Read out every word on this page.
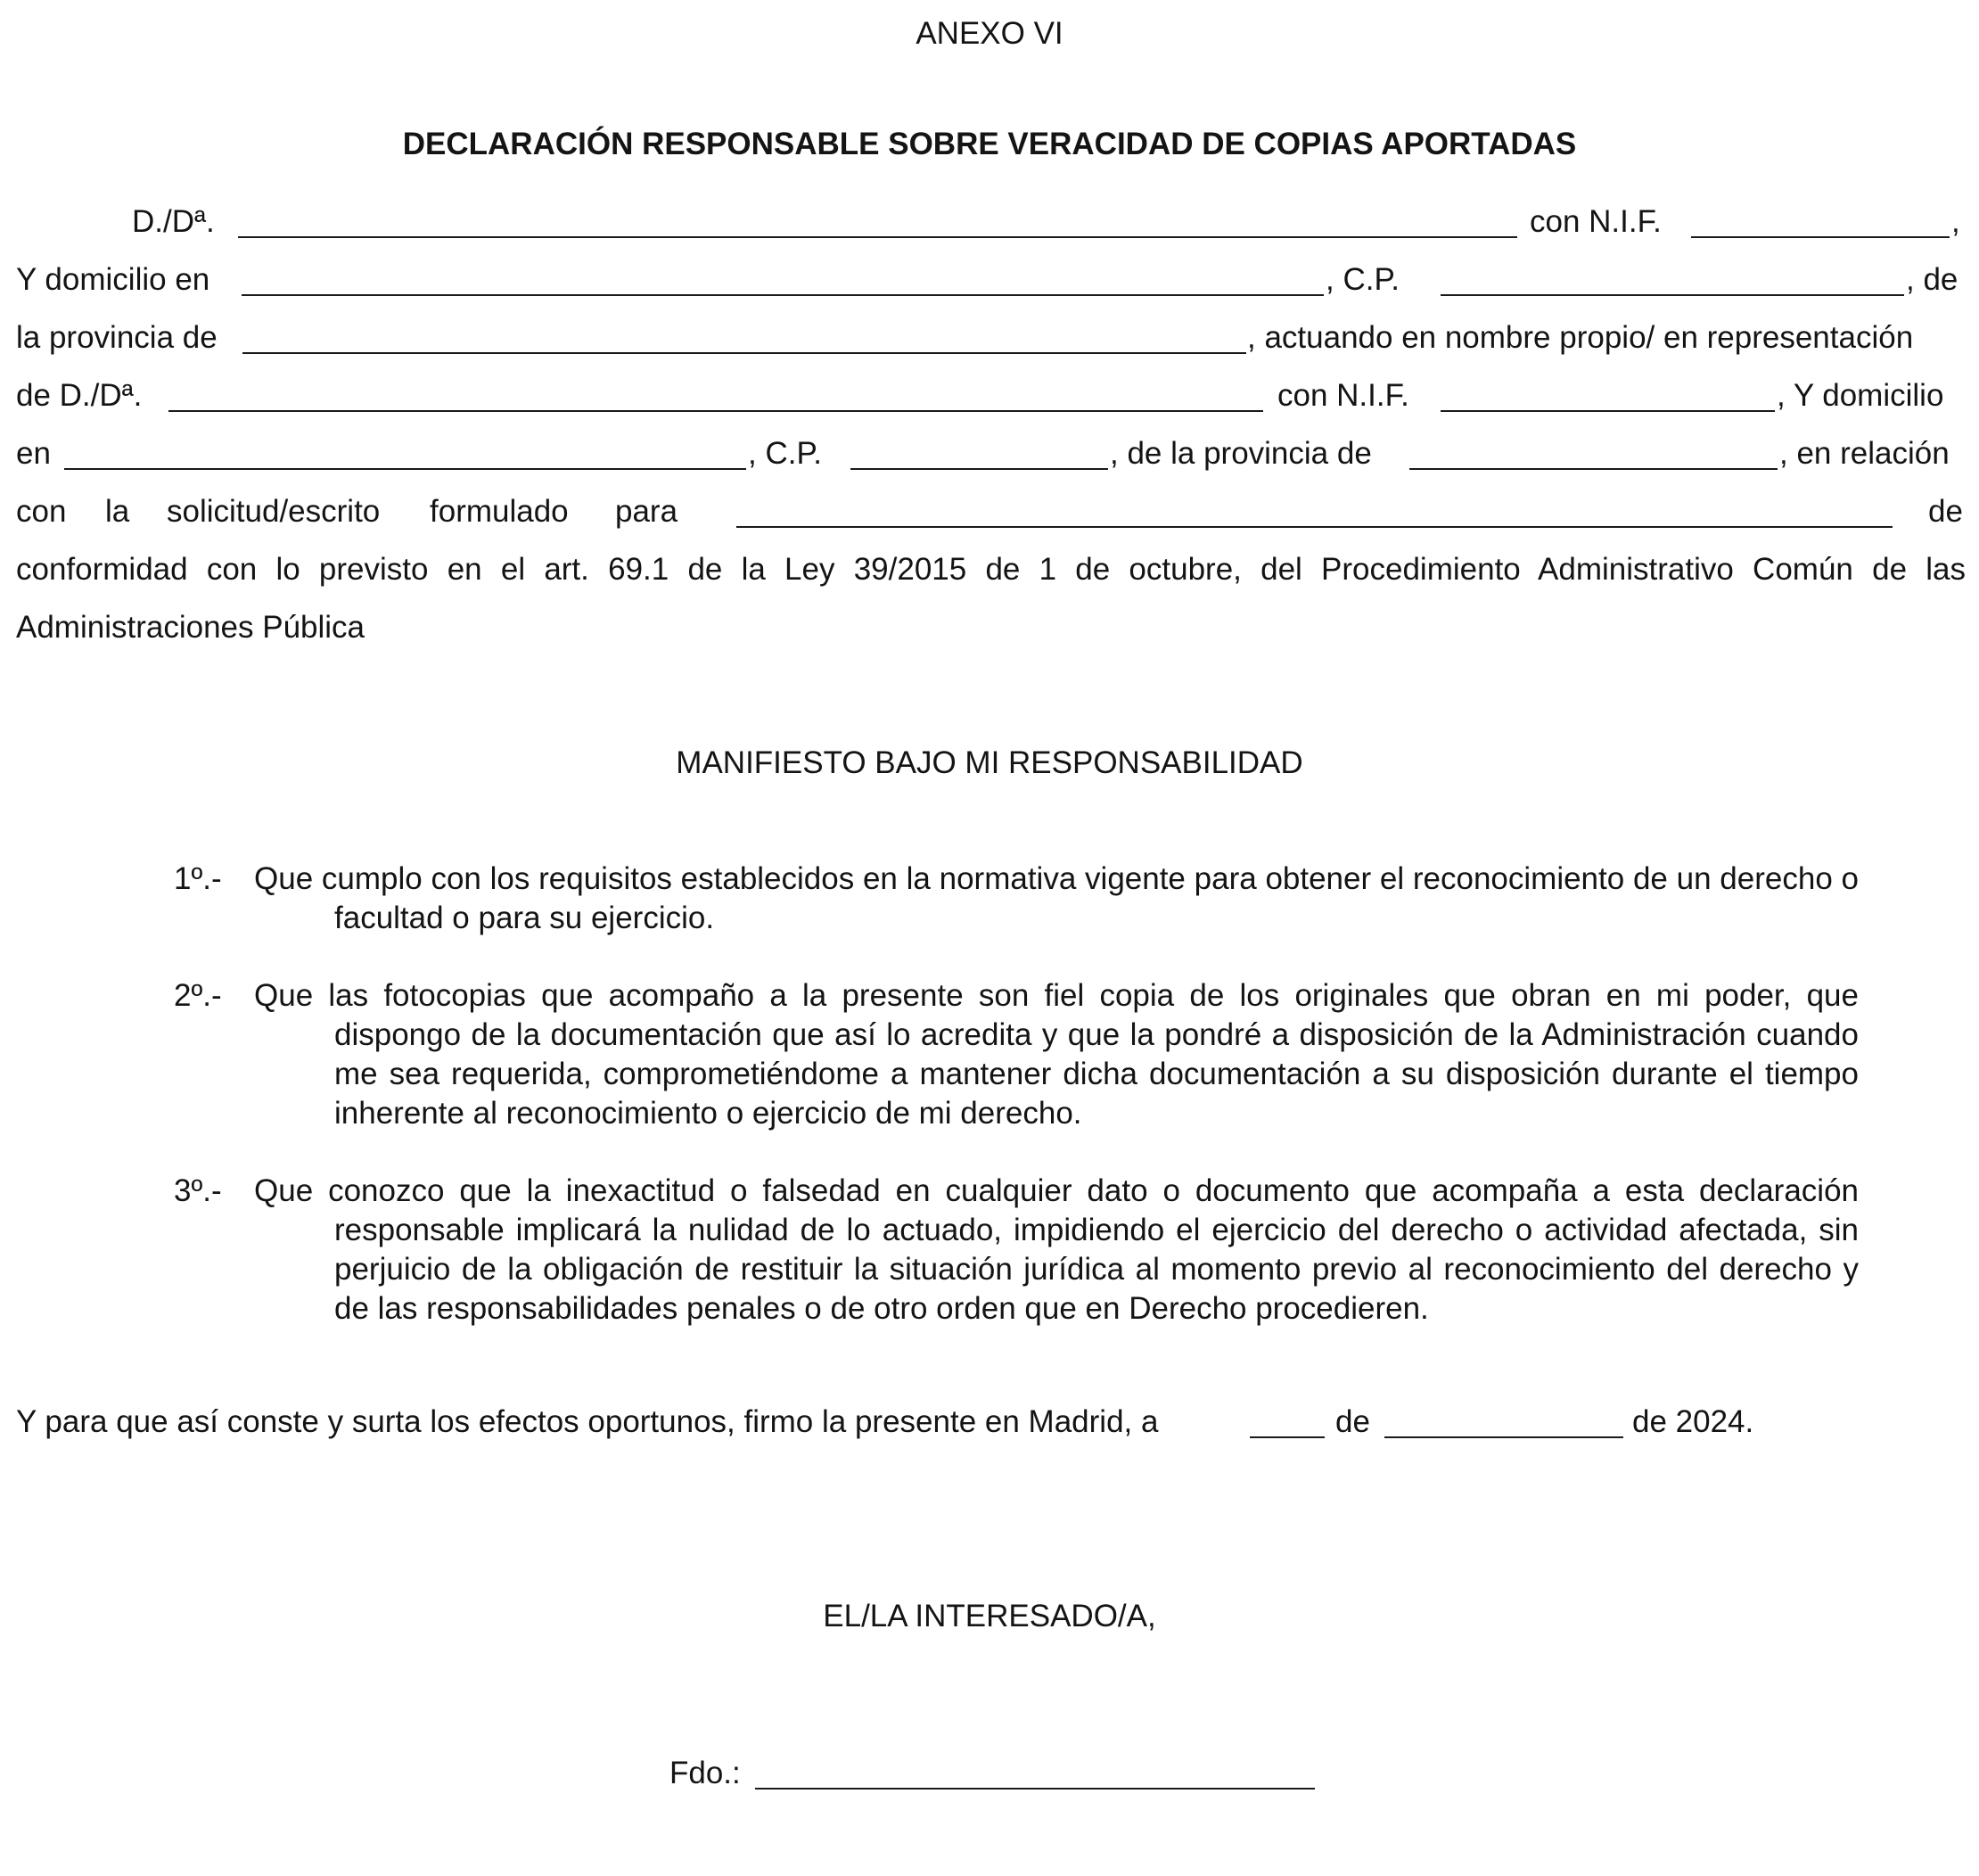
ANEXO VI
DECLARACIÓN RESPONSABLE SOBRE VERACIDAD DE COPIAS APORTADAS
D./Dª.	con N.I.F.	,
Y domicilio en	, C.P.	, de
la provincia de	, actuando en nombre propio/ en representación
de D./Dª.	con N.I.F.	, Y domicilio
en	, C.P.	, de la provincia de	, en relación
con la solicitud/escrito formulado para	de
conformidad con lo previsto en el art. 69.1 de la Ley 39/2015 de 1 de octubre, del Procedimiento Administrativo Común de las
Administraciones Pública
MANIFIESTO BAJO MI RESPONSABILIDAD
1º.- Que cumplo con los requisitos establecidos en la normativa vigente para obtener el reconocimiento de un derecho o facultad o para su ejercicio.
2º.- Que las fotocopias que acompaño a la presente son fiel copia de los originales que obran en mi poder, que dispongo de la documentación que así lo acredita y que la pondré a disposición de la Administración cuando me sea requerida, comprometiéndome a mantener dicha documentación a su disposición durante el tiempo inherente al reconocimiento o ejercicio de mi derecho.
3º.- Que conozco que la inexactitud o falsedad en cualquier dato o documento que acompaña a esta declaración responsable implicará la nulidad de lo actuado, impidiendo el ejercicio del derecho o actividad afectada, sin perjuicio de la obligación de restituir la situación jurídica al momento previo al reconocimiento del derecho y de las responsabilidades penales o de otro orden que en Derecho procedieren.
Y para que así conste y surta los efectos oportunos, firmo la presente en Madrid, a	de	de 2024.
EL/LA INTERESADO/A,
Fdo.:
